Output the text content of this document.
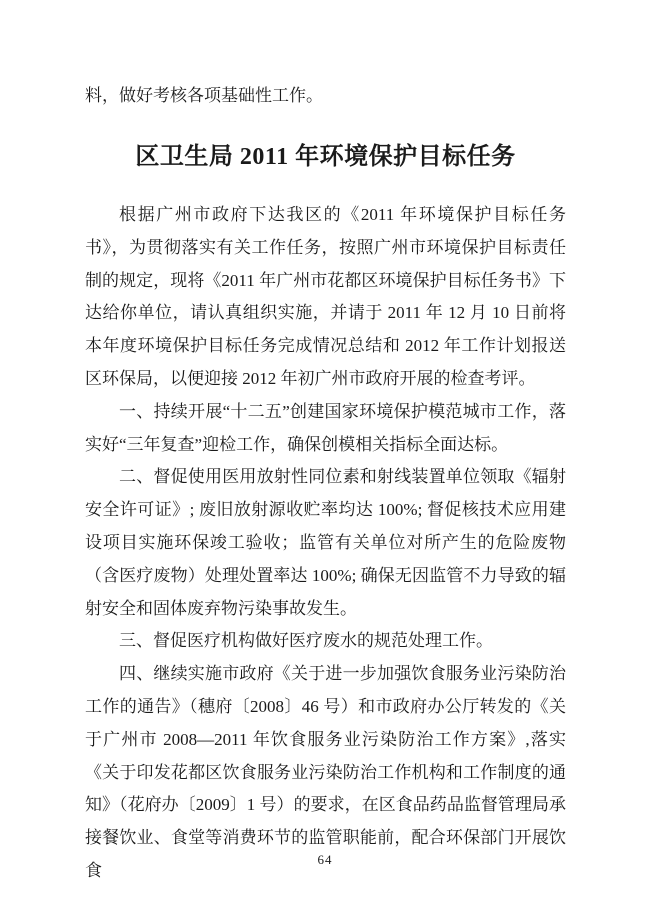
料，做好考核各项基础性工作。

区卫生局 2011 年环境保护目标任务

根据广州市政府下达我区的《2011 年环境保护目标任务书》，为贯彻落实有关工作任务，按照广州市环境保护目标责任制的规定，现将《2011 年广州市花都区环境保护目标任务书》下达给你单位，请认真组织实施，并请于 2011 年 12 月 10 日前将本年度环境保护目标任务完成情况总结和 2012 年工作计划报送区环保局，以便迎接 2012 年初广州市政府开展的检查考评。

一、持续开展“十二五”创建国家环境保护模范城市工作，落实好“三年复查”迎检工作，确保创模相关指标全面达标。

二、督促使用医用放射性同位素和射线装置单位领取《辐射安全许可证》; 废旧放射源收贮率均达 100%; 督促核技术应用建设项目实施环保竣工验收；监管有关单位对所产生的危险废物（含医疗废物）处理处置率达 100%; 确保无因监管不力导致的辐射安全和固体废弃物污染事故发生。

三、督促医疗机构做好医疗废水的规范处理工作。

四、继续实施市政府《关于进一步加强饮食服务业污染防治工作的通告》（穗府〔2008〕46 号）和市政府办公厅转发的《关于广州市 2008—2011 年饮食服务业污染防治工作方案》,落实《关于印发花都区饮食服务业污染防治工作机构和工作制度的通知》（花府办〔2009〕1 号）的要求，在区食品药品监督管理局承接餐饮业、食堂等消费环节的监管职能前，配合环保部门开展饮食

64
